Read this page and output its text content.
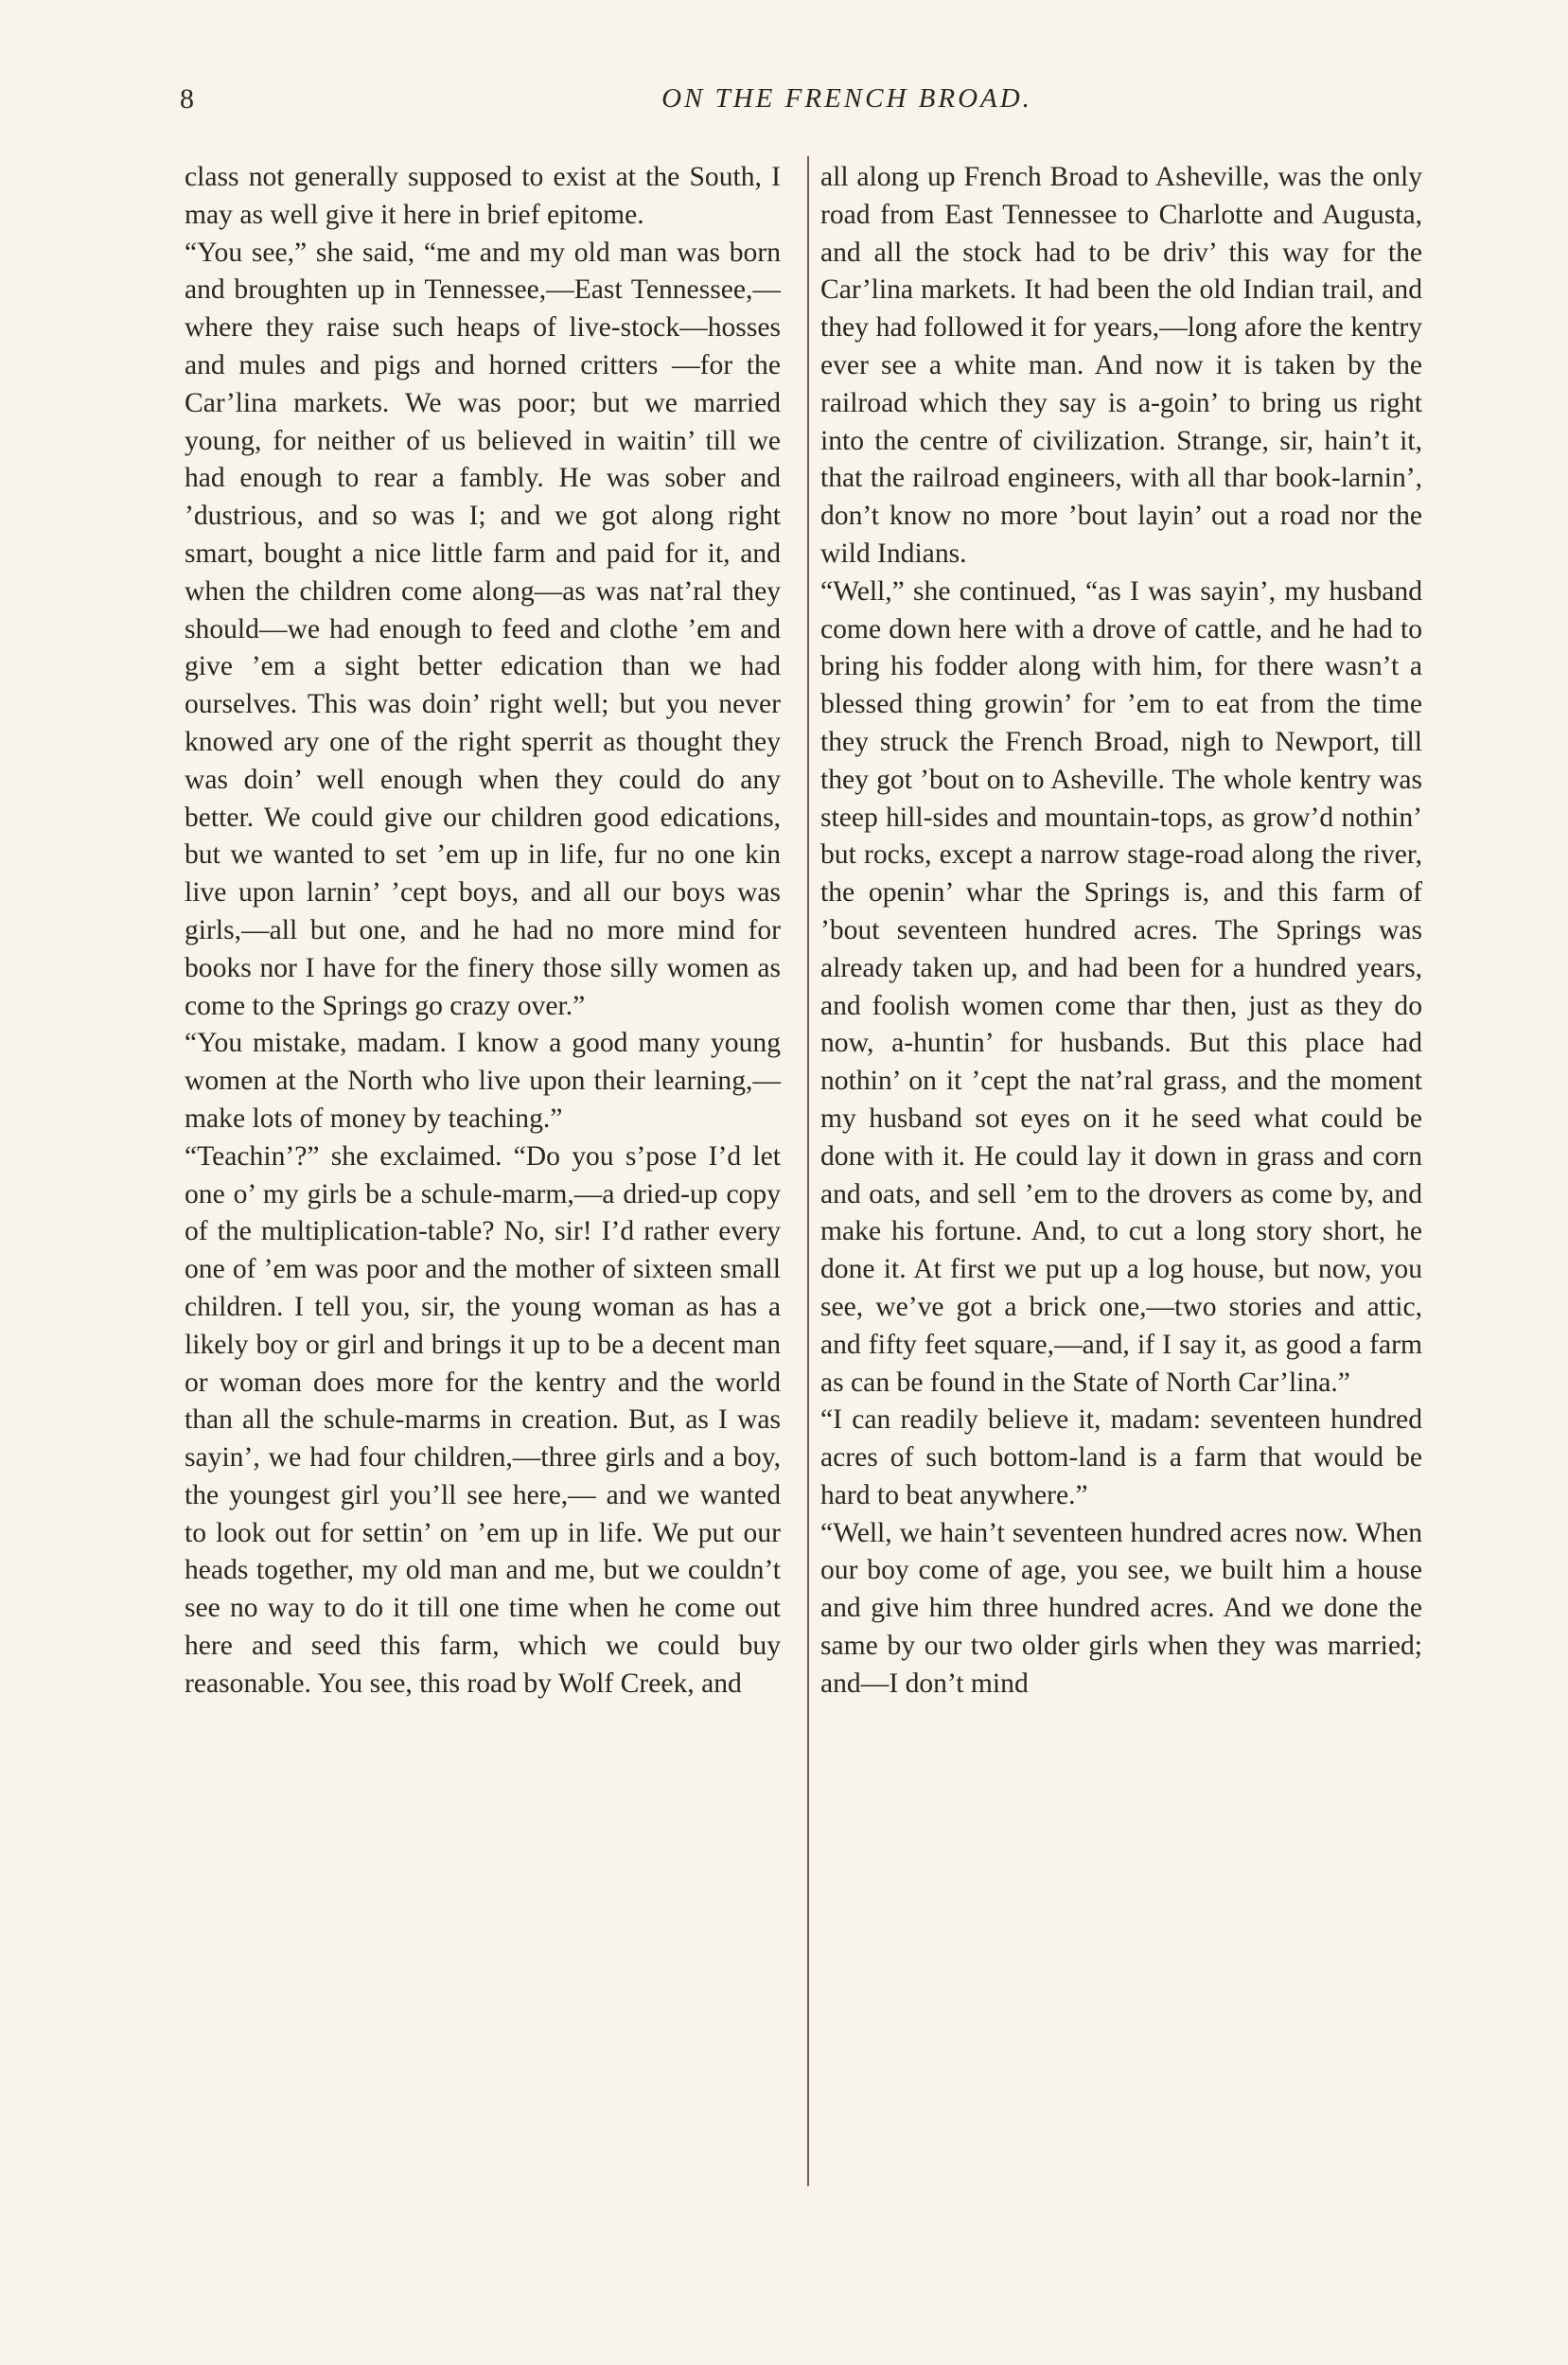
8	ON THE FRENCH BROAD.

class not generally supposed to exist at the South, I may as well give it here in brief epitome.

“You see,” she said, “me and my old man was born and broughten up in Tennessee,—East Tennessee,—where they raise such heaps of live-stock—hosses and mules and pigs and horned critters —for the Car’lina markets. We was poor; but we married young, for neither of us believed in waitin’ till we had enough to rear a fambly. He was sober and ’dustrious, and so was I; and we got along right smart, bought a nice little farm and paid for it, and when the children come along—as was nat’ral they should—we had enough to feed and clothe ’em and give ’em a sight better edication than we had ourselves. This was doin’ right well; but you never knowed ary one of the right sperrit as thought they was doin’ well enough when they could do any better. We could give our children good edications, but we wanted to set ’em up in life, fur no one kin live upon larnin’ ’cept boys, and all our boys was girls,—all but one, and he had no more mind for books nor I have for the finery those silly women as come to the Springs go crazy over.”

“You mistake, madam. I know a good many young women at the North who live upon their learning,—make lots of money by teaching.”

“Teachin’?” she exclaimed. “Do you s’pose I’d let one o’ my girls be a schule-marm,—a dried-up copy of the multiplication-table? No, sir! I’d rather every one of ’em was poor and the mother of sixteen small children. I tell you, sir, the young woman as has a likely boy or girl and brings it up to be a decent man or woman does more for the kentry and the world than all the schule-marms in creation. But, as I was sayin’, we had four children,—three girls and a boy, the youngest girl you’ll see here,— and we wanted to look out for settin’ on ’em up in life. We put our heads together, my old man and me, but we couldn’t see no way to do it till one time when he come out here and seed this farm, which we could buy reasonable. You see, this road by Wolf Creek, and

all along up French Broad to Asheville, was the only road from East Tennessee to Charlotte and Augusta, and all the stock had to be driv’ this way for the Car’lina markets. It had been the old Indian trail, and they had followed it for years,—long afore the kentry ever see a white man. And now it is taken by the railroad which they say is a-goin’ to bring us right into the centre of civilization. Strange, sir, hain’t it, that the railroad engineers, with all thar book-larnin’, don’t know no more ’bout layin’ out a road nor the wild Indians.

“Well,” she continued, “as I was sayin’, my husband come down here with a drove of cattle, and he had to bring his fodder along with him, for there wasn’t a blessed thing growin’ for ’em to eat from the time they struck the French Broad, nigh to Newport, till they got ’bout on to Asheville. The whole kentry was steep hill-sides and mountain-tops, as grow’d nothin’ but rocks, except a narrow stage-road along the river, the openin’ whar the Springs is, and this farm of ’bout seventeen hundred acres. The Springs was already taken up, and had been for a hundred years, and foolish women come thar then, just as they do now, a-huntin’ for husbands. But this place had nothin’ on it ’cept the nat’ral grass, and the moment my husband sot eyes on it he seed what could be done with it. He could lay it down in grass and corn and oats, and sell ’em to the drovers as come by, and make his fortune. And, to cut a long story short, he done it. At first we put up a log house, but now, you see, we’ve got a brick one,—two stories and attic, and fifty feet square,—and, if I say it, as good a farm as can be found in the State of North Car’lina.”

“I can readily believe it, madam: seventeen hundred acres of such bottom-land is a farm that would be hard to beat anywhere.”

“Well, we hain’t seventeen hundred acres now. When our boy come of age, you see, we built him a house and give him three hundred acres. And we done the same by our two older girls when they was married; and—I don’t mind
